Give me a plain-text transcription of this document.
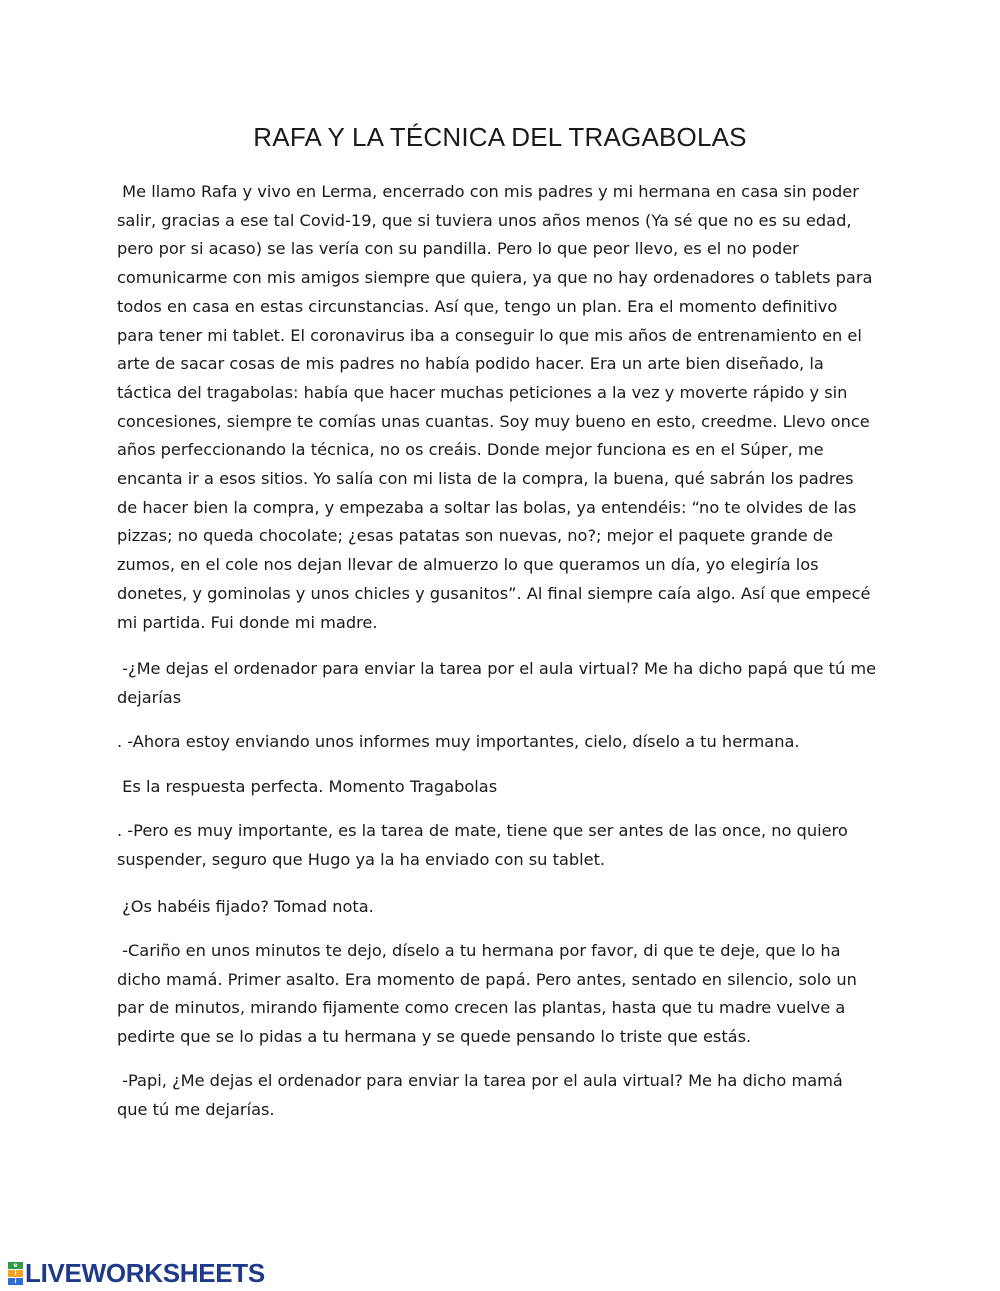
RAFA Y LA TÉCNICA DEL TRAGABOLAS
Me llamo Rafa y vivo en Lerma, encerrado con mis padres y mi hermana en casa sin poder salir, gracias a ese tal Covid-19, que si tuviera unos años menos (Ya sé que no es su edad, pero por si acaso) se las vería con su pandilla. Pero lo que peor llevo, es el no poder comunicarme con mis amigos siempre que quiera, ya que no hay ordenadores o tablets para todos en casa en estas circunstancias. Así que, tengo un plan. Era el momento definitivo para tener mi tablet. El coronavirus iba a conseguir lo que mis años de entrenamiento en el arte de sacar cosas de mis padres no había podido hacer. Era un arte bien diseñado, la táctica del tragabolas: había que hacer muchas peticiones a la vez y moverte rápido y sin concesiones, siempre te comías unas cuantas. Soy muy bueno en esto, creedme. Llevo once años perfeccionando la técnica, no os creáis. Donde mejor funciona es en el Súper, me encanta ir a esos sitios. Yo salía con mi lista de la compra, la buena, qué sabrán los padres de hacer bien la compra, y empezaba a soltar las bolas, ya entendéis: “no te olvides de las pizzas; no queda chocolate; ¿esas patatas son nuevas, no?; mejor el paquete grande de zumos, en el cole nos dejan llevar de almuerzo lo que queramos un día, yo elegiría los donetes, y gominolas y unos chicles y gusanitos”. Al final siempre caía algo. Así que empecé mi partida. Fui donde mi madre.
-¿Me dejas el ordenador para enviar la tarea por el aula virtual? Me ha dicho papá que tú me dejarías
. -Ahora estoy enviando unos informes muy importantes, cielo, díselo a tu hermana.
Es la respuesta perfecta. Momento Tragabolas
. -Pero es muy importante, es la tarea de mate, tiene que ser antes de las once, no quiero suspender, seguro que Hugo ya la ha enviado con su tablet.
¿Os habéis fijado? Tomad nota.
-Cariño en unos minutos te dejo, díselo a tu hermana por favor, di que te deje, que lo ha dicho mamá. Primer asalto. Era momento de papá. Pero antes, sentado en silencio, solo un par de minutos, mirando fijamente como crecen las plantas, hasta que tu madre vuelve a pedirte que se lo pidas a tu hermana y se quede pensando lo triste que estás.
-Papi, ¿Me dejas el ordenador para enviar la tarea por el aula virtual? Me ha dicho mamá que tú me dejarías.
e
l
i LIVEWORKSHEETS
